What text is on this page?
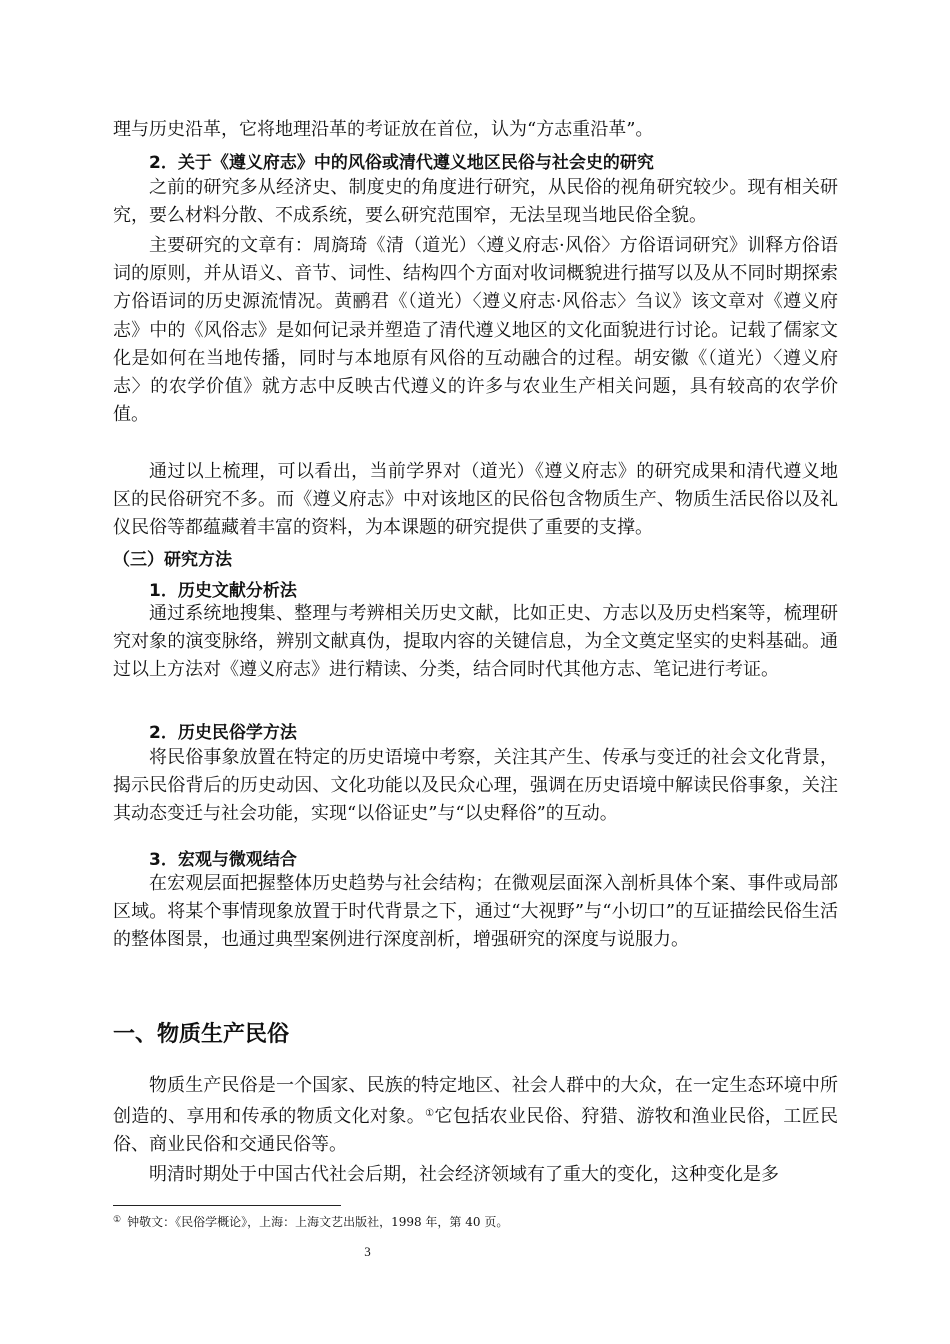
理与历史沿革，它将地理沿革的考证放在首位，认为“方志重沿革”。

2．关于《遵义府志》中的风俗或清代遵义地区民俗与社会史的研究

之前的研究多从经济史、制度史的角度进行研究，从民俗的视角研究较少。现有相关研究，要么材料分散、不成系统，要么研究范围窄，无法呈现当地民俗全貌。

主要研究的文章有：周旖琦《清（道光）〈遵义府志·风俗〉方俗语词研究》训释方俗语词的原则，并从语义、音节、词性、结构四个方面对收词概貌进行描写以及从不同时期探索方俗语词的历史源流情况。黄鹂君《（道光）〈遵义府志·风俗志〉刍议》该文章对《遵义府志》中的《风俗志》是如何记录并塑造了清代遵义地区的文化面貌进行讨论。记载了儒家文化是如何在当地传播，同时与本地原有风俗的互动融合的过程。胡安徽《（道光）〈遵义府志〉的农学价值》就方志中反映古代遵义的许多与农业生产相关问题，具有较高的农学价值。

通过以上梳理，可以看出，当前学界对（道光）《遵义府志》的研究成果和清代遵义地区的民俗研究不多。而《遵义府志》中对该地区的民俗包含物质生产、物质生活民俗以及礼仪民俗等都蕴藏着丰富的资料，为本课题的研究提供了重要的支撑。

（三）研究方法
1．历史文献分析法

通过系统地搜集、整理与考辨相关历史文献，比如正史、方志以及历史档案等，梳理研究对象的演变脉络，辨别文献真伪，提取内容的关键信息，为全文奠定坚实的史料基础。通过以上方法对《遵义府志》进行精读、分类，结合同时代其他方志、笔记进行考证。

2．历史民俗学方法

将民俗事象放置在特定的历史语境中考察，关注其产生、传承与变迁的社会文化背景，揭示民俗背后的历史动因、文化功能以及民众心理，强调在历史语境中解读民俗事象，关注其动态变迁与社会功能，实现“以俗证史”与“以史释俗”的互动。

3．宏观与微观结合

在宏观层面把握整体历史趋势与社会结构；在微观层面深入剖析具体个案、事件或局部区域。将某个事情现象放置于时代背景之下，通过“大视野”与“小切口”的互证描绘民俗生活的整体图景，也通过典型案例进行深度剖析，增强研究的深度与说服力。

一、物质生产民俗

物质生产民俗是一个国家、民族的特定地区、社会人群中的大众，在一定生态环境中所创造的、享用和传承的物质文化对象。①它包括农业民俗、狩猎、游牧和渔业民俗，工匠民俗、商业民俗和交通民俗等。

明清时期处于中国古代社会后期，社会经济领域有了重大的变化，这种变化是多

① 钟敬文：《民俗学概论》，上海：上海文艺出版社，1998 年，第 40 页。
3
